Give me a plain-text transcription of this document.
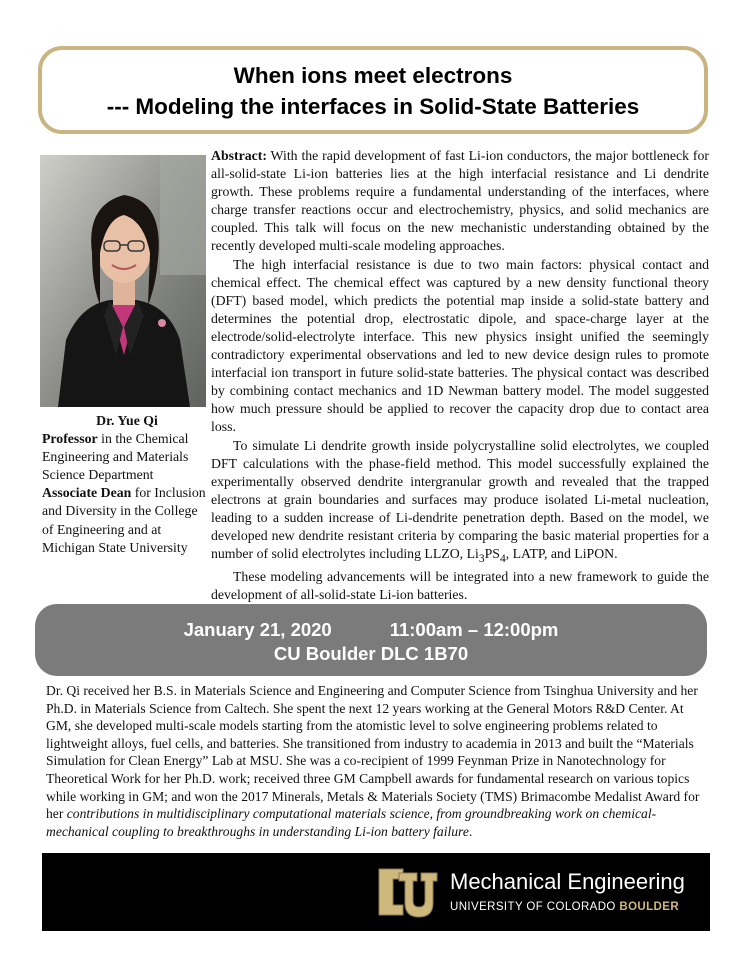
When ions meet electrons
--- Modeling the interfaces in Solid-State Batteries
Dr. Yue Qi
Professor in the Chemical Engineering and Materials Science Department
Associate Dean for Inclusion and Diversity in the College of Engineering and at Michigan State University

Abstract: With the rapid development of fast Li-ion conductors, the major bottleneck for all-solid-state Li-ion batteries lies at the high interfacial resistance and Li dendrite growth. These problems require a fundamental understanding of the interfaces, where charge transfer reactions occur and electrochemistry, physics, and solid mechanics are coupled. This talk will focus on the new mechanistic understanding obtained by the recently developed multi-scale modeling approaches.

The high interfacial resistance is due to two main factors: physical contact and chemical effect. The chemical effect was captured by a new density functional theory (DFT) based model, which predicts the potential map inside a solid-state battery and determines the potential drop, electrostatic dipole, and space-charge layer at the electrode/solid-electrolyte interface. This new physics insight unified the seemingly contradictory experimental observations and led to new device design rules to promote interfacial ion transport in future solid-state batteries. The physical contact was described by combining contact mechanics and 1D Newman battery model. The model suggested how much pressure should be applied to recover the capacity drop due to contact area loss.

To simulate Li dendrite growth inside polycrystalline solid electrolytes, we coupled DFT calculations with the phase-field method. This model successfully explained the experimentally observed dendrite intergranular growth and revealed that the trapped electrons at grain boundaries and surfaces may produce isolated Li-metal nucleation, leading to a sudden increase of Li-dendrite penetration depth. Based on the model, we developed new dendrite resistant criteria by comparing the basic material properties for a number of solid electrolytes including LLZO, $Li_3PS_4$, LATP, and LiPON.

These modeling advancements will be integrated into a new framework to guide the development of all-solid-state Li-ion batteries.

January 21, 2020	11:00am – 12:00pm
CU Boulder DLC 1B70
Dr. Qi received her B.S. in Materials Science and Engineering and Computer Science from Tsinghua University and her Ph.D. in Materials Science from Caltech. She spent the next 12 years working at the General Motors R&D Center. At GM, she developed multi-scale models starting from the atomistic level to solve engineering problems related to lightweight alloys, fuel cells, and batteries. She transitioned from industry to academia in 2013 and built the “Materials Simulation for Clean Energy” Lab at MSU. She was a co-recipient of 1999 Feynman Prize in Nanotechnology for Theoretical Work for her Ph.D. work; received three GM Campbell awards for fundamental research on various topics while working in GM; and won the 2017 Minerals, Metals & Materials Society (TMS) Brimacombe Medalist Award for her contributions in multidisciplinary computational materials science, from groundbreaking work on chemical-mechanical coupling to breakthroughs in understanding Li-ion battery failure.
Mechanical Engineering
UNIVERSITY OF COLORADO BOULDER
